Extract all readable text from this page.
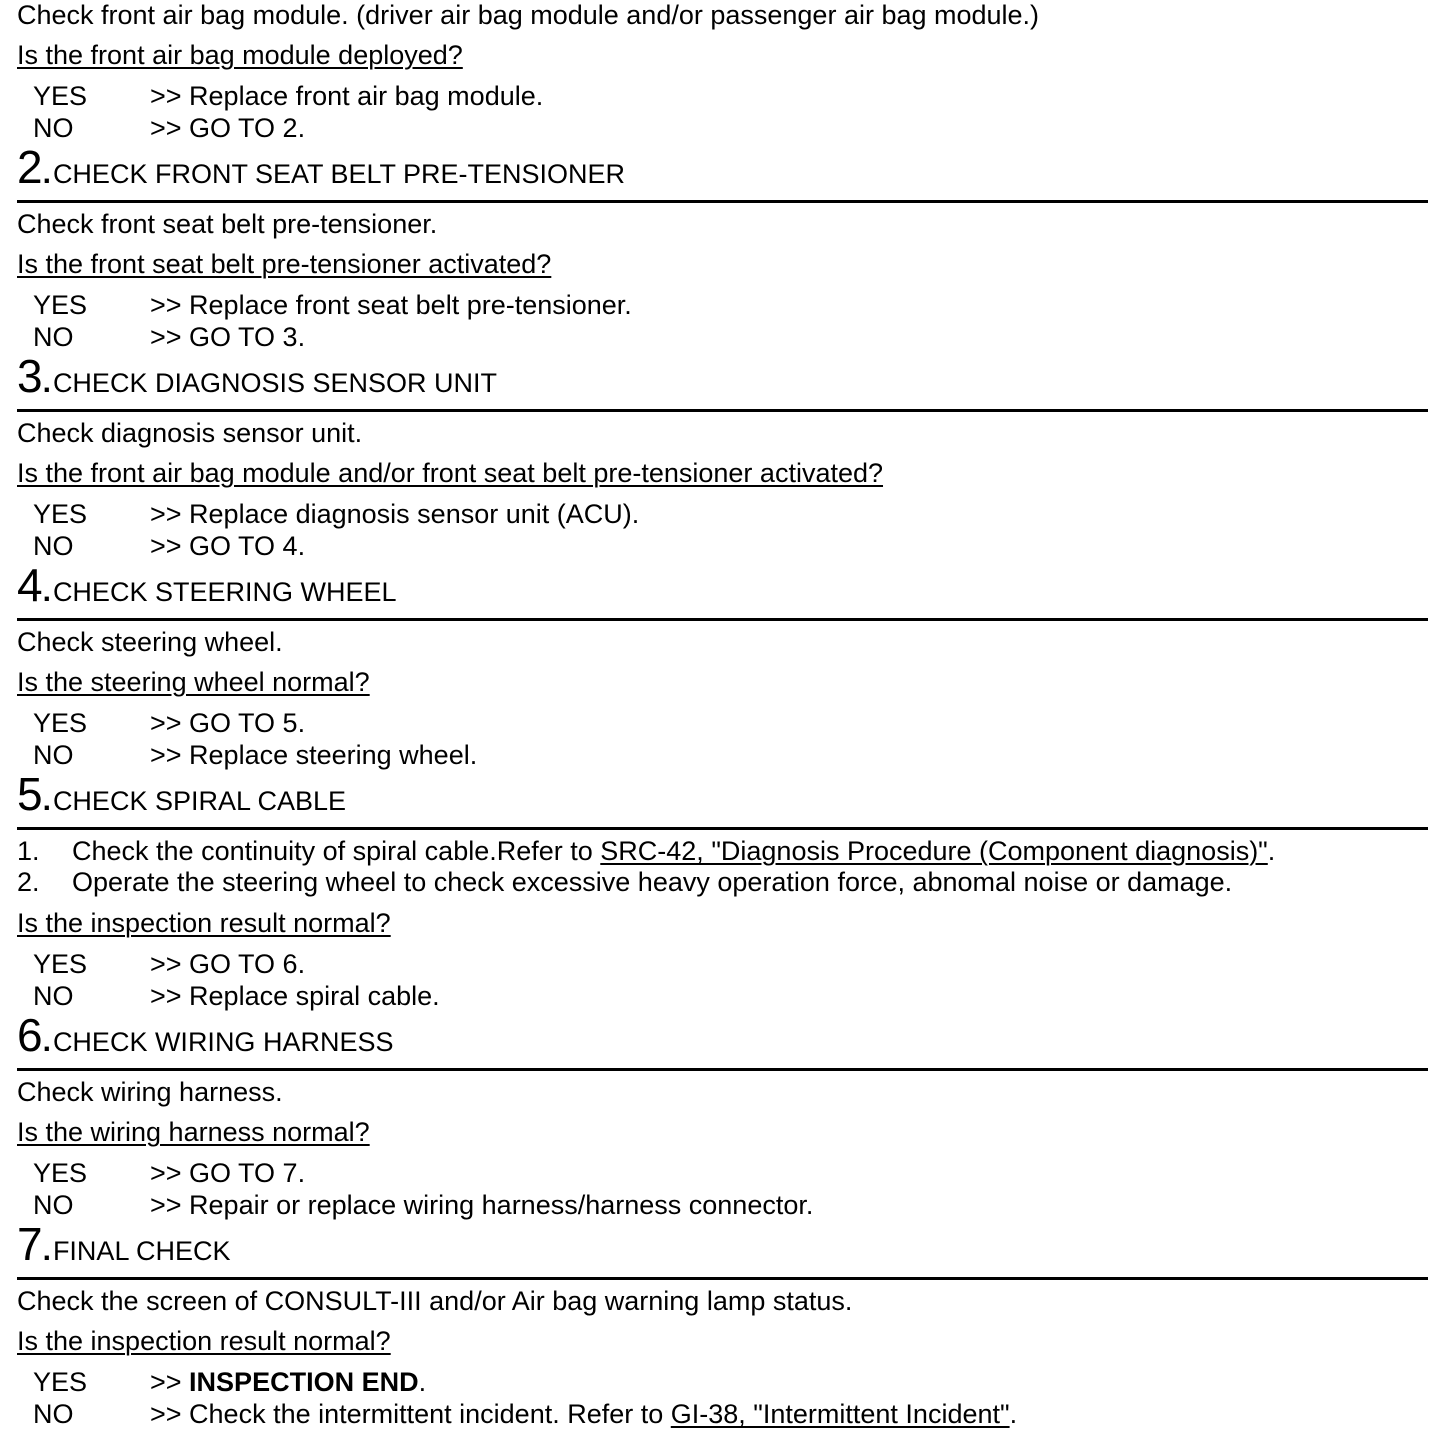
Check front air bag module. (driver air bag module and/or passenger air bag module.)
Is the front air bag module deployed?
YES	>> Replace front air bag module.
NO	>> GO TO 2.
2 . CHECK FRONT SEAT BELT PRE-TENSIONER
Check front seat belt pre-tensioner.
Is the front seat belt pre-tensioner activated?
YES	>> Replace front seat belt pre-tensioner.
NO	>> GO TO 3.
3 . CHECK DIAGNOSIS SENSOR UNIT
Check diagnosis sensor unit.
Is the front air bag module and/or front seat belt pre-tensioner activated?
YES	>> Replace diagnosis sensor unit (ACU).
NO	>> GO TO 4.
4 . CHECK STEERING WHEEL
Check steering wheel.
Is the steering wheel normal?
YES	>> GO TO 5.
NO	>> Replace steering wheel.
5 . CHECK SPIRAL CABLE
1.	Check the continuity of spiral cable.Refer to SRC-42, "Diagnosis Procedure (Component diagnosis)".
2.	Operate the steering wheel to check excessive heavy operation force, abnomal noise or damage.
Is the inspection result normal?
YES	>> GO TO 6.
NO	>> Replace spiral cable.
6 . CHECK WIRING HARNESS
Check wiring harness.
Is the wiring harness normal?
YES	>> GO TO 7.
NO	>> Repair or replace wiring harness/harness connector.
7 . FINAL CHECK
Check the screen of CONSULT-III and/or Air bag warning lamp status.
Is the inspection result normal?
YES	>> INSPECTION END.
NO	>> Check the intermittent incident. Refer to GI-38, "Intermittent Incident".
